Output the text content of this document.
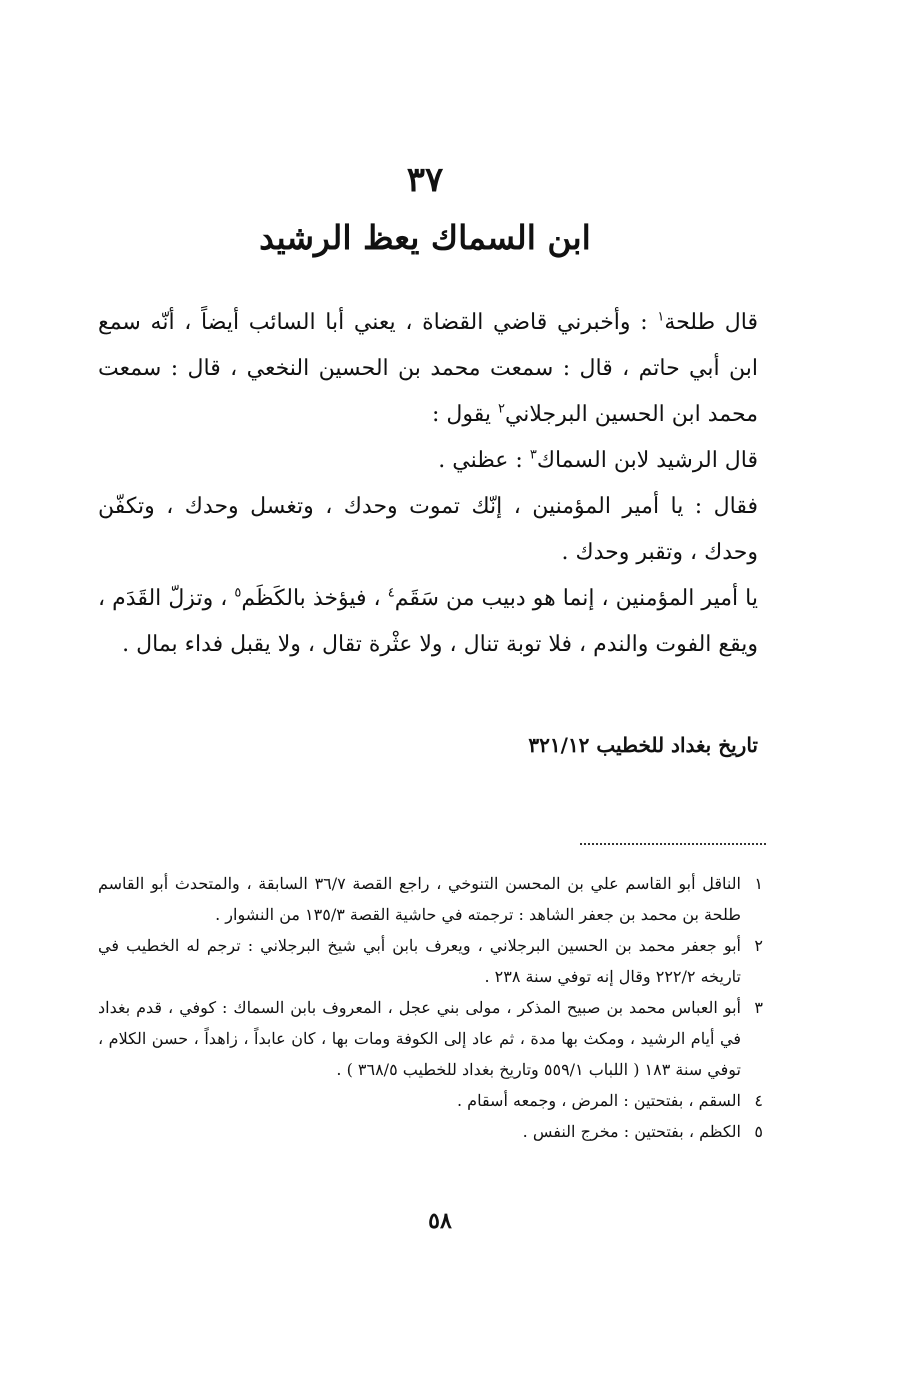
٣٧
ابن السماك يعظ الرشيد

قال طلحة$^١$ : وأخبرني قاضي القضاة ، يعني أبا السائب أيضاً ، أنّه سمع ابن أبي حاتم ، قال : سمعت محمد بن الحسين النخعي ، قال : سمعت محمد ابن الحسين البرجلاني$^٢$ يقول :

قال الرشيد لابن السماك$^٣$ : عظني .

فقال : يا أمير المؤمنين ، إنّك تموت وحدك ، وتغسل وحدك ، وتكفّن وحدك ، وتقبر وحدك .

يا أمير المؤمنين ، إنما هو دبيب من سَقَم$^٤$ ، فيؤخذ بالكَظَم$^٥$ ، وتزلّ القَدَم ، ويقع الفوت والندم ، فلا توبة تنال ، ولا عثْرة تقال ، ولا يقبل فداء بمال .

تاريخ بغداد للخطيب ٣٢١/١٢
١
الناقل أبو القاسم علي بن المحسن التنوخي ، راجع القصة ٣٦/٧ السابقة ، والمتحدث أبو القاسم طلحة بن محمد بن جعفر الشاهد : ترجمته في حاشية القصة ١٣٥/٣ من النشوار .
٢
أبو جعفر محمد بن الحسين البرجلاني ، ويعرف بابن أبي شيخ البرجلاني : ترجم له الخطيب في تاريخه ٢٢٢/٢ وقال إنه توفي سنة ٢٣٨ .
٣
أبو العباس محمد بن صبيح المذكر ، مولى بني عجل ، المعروف بابن السماك : كوفي ، قدم بغداد في أيام الرشيد ، ومكث بها مدة ، ثم عاد إلى الكوفة ومات بها ، كان عابداً ، زاهداً ، حسن الكلام ، توفي سنة ١٨٣ ( اللباب ٥٥٩/١ وتاريخ بغداد للخطيب ٣٦٨/٥ ) .
٤
السقم ، بفتحتين : المرض ، وجمعه أسقام .
٥
الكظم ، بفتحتين : مخرج النفس .
٥٨
